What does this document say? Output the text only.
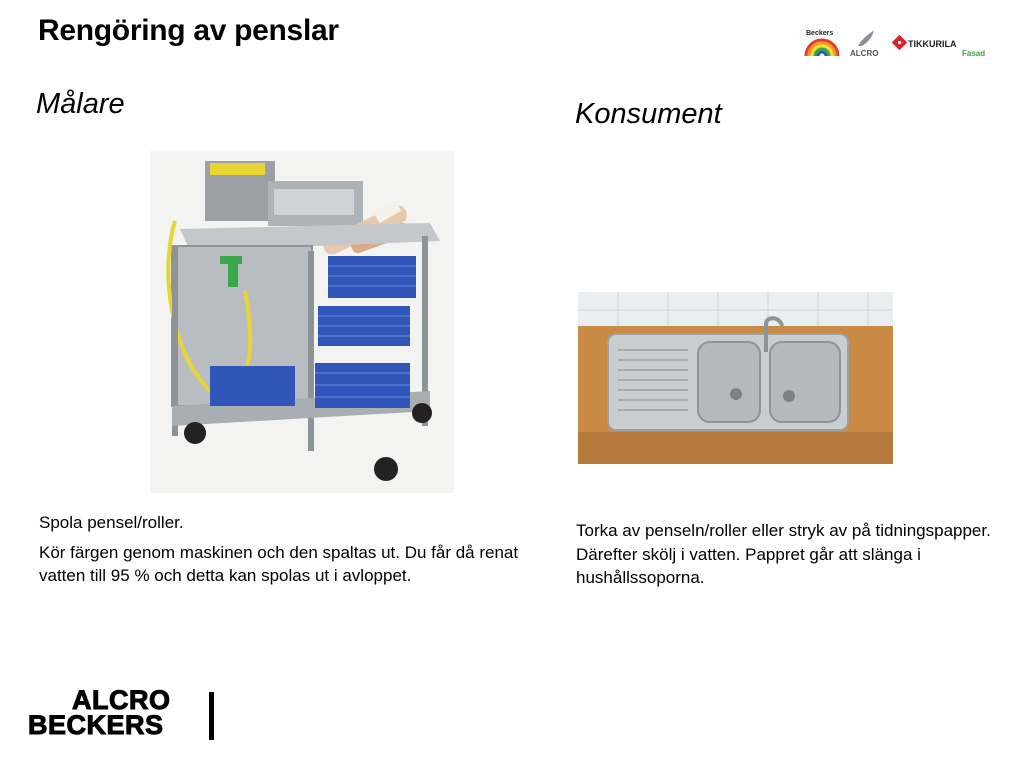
Rengöring av penslar
Målare	Konsument
Beckers
ALCRO
TIKKURILA
Fasad

Spola pensel/roller.

Kör färgen genom maskinen och den spaltas ut. Du får då renat vatten till 95 % och detta kan spolas ut i avloppet.

Torka av penseln/roller eller stryk av på tidningspapper. Därefter skölj i vatten. Pappret går att slänga i hushållssoporna.

ALCRO
BECKERS
